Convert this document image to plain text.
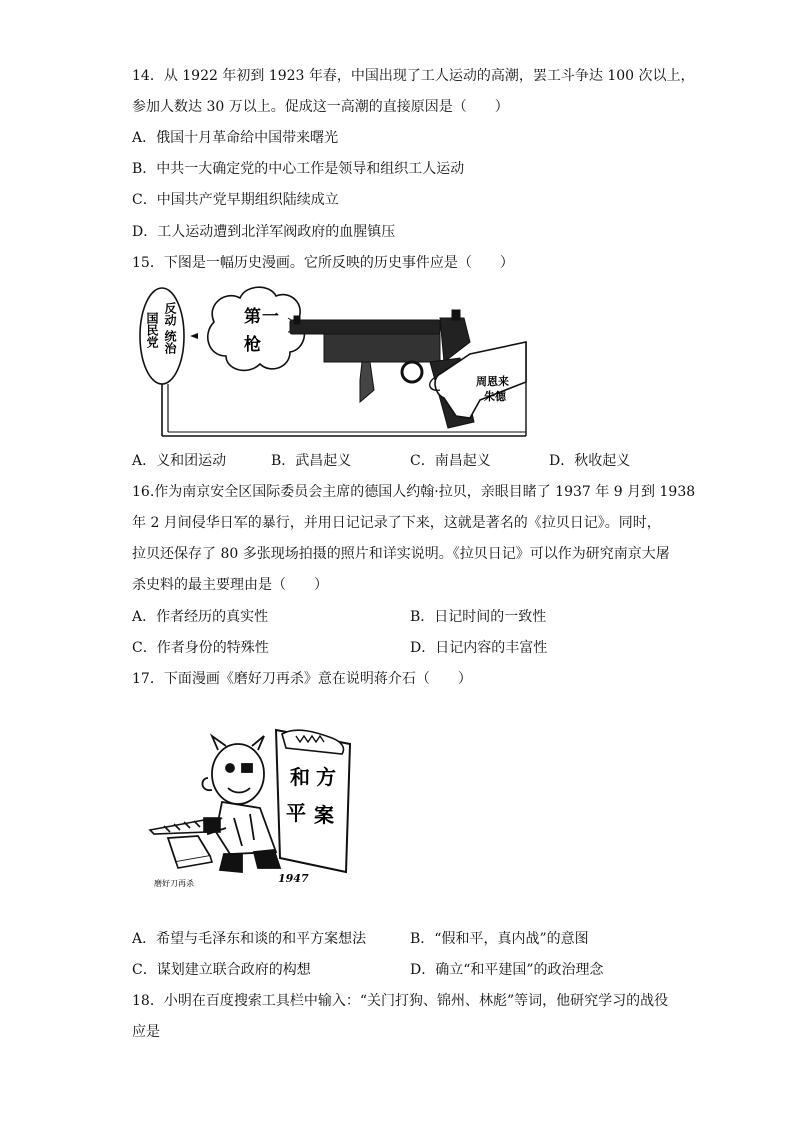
14．从 1922 年初到 1923 年春，中国出现了工人运动的高潮，罢工斗争达 100 次以上，
参加人数达 30 万以上。促成这一高潮的直接原因是（　　）
A．俄国十月革命给中国带来曙光
B．中共一大确定党的中心工作是领导和组织工人运动
C．中国共产党早期组织陆续成立
D．工人运动遭到北洋军阀政府的血腥镇压
15．下图是一幅历史漫画。它所反映的历史事件应是（　　）
反动
统治
国民党	第 一
枪
周恩来
朱德
A．义和团运动	B．武昌起义	C．南昌起义	D．秋收起义
16.作为南京安全区国际委员会主席的德国人约翰·拉贝，亲眼目睹了 1937 年 9 月到 1938
年 2 月间侵华日军的暴行，并用日记记录了下来，这就是著名的《拉贝日记》。同时，
拉贝还保存了 80 多张现场拍摄的照片和详实说明。《拉贝日记》可以作为研究南京大屠
杀史料的最主要理由是（　　）
A．作者经历的真实性	B．日记时间的一致性
C．作者身份的特殊性	D．日记内容的丰富性
17．下面漫画《磨好刀再杀》意在说明蒋介石（　　）
和 方
平 案
磨好刀再杀	1947
A．希望与毛泽东和谈的和平方案想法	B．“假和平，真内战”的意图
C．谋划建立联合政府的构想	D．确立“和平建国”的政治理念
18．小明在百度搜索工具栏中输入：“关门打狗、锦州、林彪”等词，他研究学习的战役
应是
